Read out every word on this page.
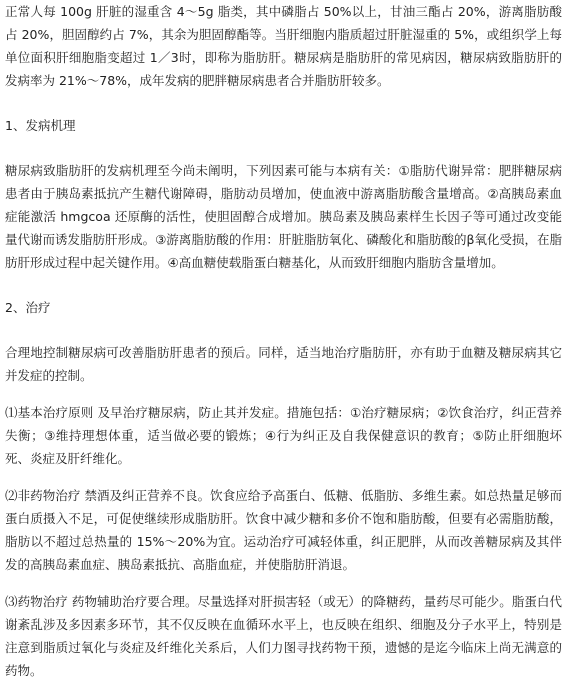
正常人每 100g 肝脏的湿重含 4～5g 脂类，其中磷脂占 50%以上，甘油三酯占 20%，游离脂肪酸占 20%，胆固醇约占 7%，其余为胆固醇酯等。当肝细胞内脂质超过肝脏湿重的 5%，或组织学上每单位面积肝细胞脂变超过 1／3时，即称为脂肪肝。糖尿病是脂肪肝的常见病因，糖尿病致脂肪肝的发病率为 21%～78%，成年发病的肥胖糖尿病患者合并脂肪肝较多。

1、发病机理

糖尿病致脂肪肝的发病机理至今尚未阐明，下列因素可能与本病有关：①脂肪代谢异常：肥胖糖尿病患者由于胰岛素抵抗产生糖代谢障碍，脂肪动员增加，使血液中游离脂肪酸含量增高。②高胰岛素血症能激活 hmgcoa 还原酶的活性，使胆固醇合成增加。胰岛素及胰岛素样生长因子等可通过改变能量代谢而诱发脂肪肝形成。③游离脂肪酸的作用：肝脏脂肪氧化、磷酸化和脂肪酸的β氧化受损，在脂肪肝形成过程中起关键作用。④高血糖使载脂蛋白糖基化，从而致肝细胞内脂肪含量增加。

2、治疗

合理地控制糖尿病可改善脂肪肝患者的预后。同样，适当地治疗脂肪肝，亦有助于血糖及糖尿病其它并发症的控制。

⑴基本治疗原则 及早治疗糖尿病，防止其并发症。措施包括：①治疗糖尿病；②饮食治疗，纠正营养失衡；③维持理想体重，适当做必要的锻炼；④行为纠正及自我保健意识的教育；⑤防止肝细胞坏死、炎症及肝纤维化。

⑵非药物治疗 禁酒及纠正营养不良。饮食应给予高蛋白、低糖、低脂肪、多维生素。如总热量足够而蛋白质摄入不足，可促使继续形成脂肪肝。饮食中减少糖和多价不饱和脂肪酸，但要有必需脂肪酸，脂肪以不超过总热量的 15%～20%为宜。运动治疗可减轻体重，纠正肥胖，从而改善糖尿病及其伴发的高胰岛素血症、胰岛素抵抗、高脂血症，并使脂肪肝消退。

⑶药物治疗 药物辅助治疗要合理。尽量选择对肝损害轻（或无）的降糖药，量药尽可能少。脂蛋白代谢紊乱涉及多因素多环节，其不仅反映在血循环水平上，也反映在组织、细胞及分子水平上，特别是注意到脂质过氧化与炎症及纤维化关系后，人们力图寻找药物干预，遗憾的是迄今临床上尚无满意的药物。
